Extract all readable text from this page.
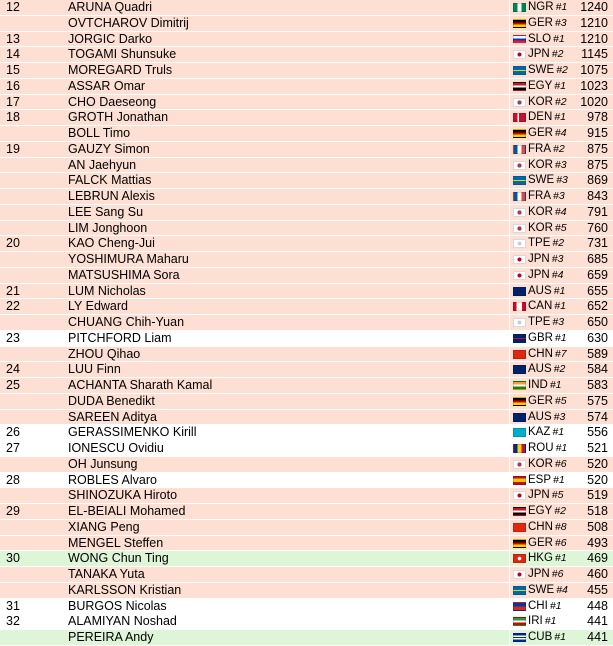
12	ARUNA Quadri	NGR #1 1240
OVTCHAROV Dimitrij	GER #3 1210
13	JORGIC Darko	SLO #1 1210
14	TOGAMI Shunsuke	JPN #2 1145
15	MOREGARD Truls	SWE #2 1075
16	ASSAR Omar	EGY #1 1023
17	CHO Daeseong	KOR #2 1020
18	GROTH Jonathan	DEN #1	978
BOLL Timo	GER #4	915
19	GAUZY Simon	FRA #2	875
AN Jaehyun	KOR #3	875
FALCK Mattias	SWE #3	869
LEBRUN Alexis	FRA #3	843
LEE Sang Su	KOR #4	791
LIM Jonghoon	KOR #5	760
20	KAO Cheng-Jui	TPE #2	731
YOSHIMURA Maharu	JPN #3	685
MATSUSHIMA Sora	JPN #4	659
21	LUM Nicholas	AUS #1	655
22	LY Edward	CAN #1	652
CHUANG Chih-Yuan	TPE #3	650
23	PITCHFORD Liam	GBR #1	630
ZHOU Qihao	CHN #7	589
24	LUU Finn	AUS #2	584
25	ACHANTA Sharath Kamal	IND #1	583
DUDA Benedikt	GER #5	575
SAREEN Aditya	AUS #3	574
26	GERASSIMENKO Kirill	KAZ #1	556
27	IONESCU Ovidiu	ROU #1	521
OH Junsung	KOR #6	520
28	ROBLES Alvaro	ESP #1	520
SHINOZUKA Hiroto	JPN #5	519
29	EL-BEIALI Mohamed	EGY #2	518
XIANG Peng	CHN #8	508
MENGEL Steffen	GER #6	493
30	WONG Chun Ting	HKG #1	469
TANAKA Yuta	JPN #6	460
KARLSSON Kristian	SWE #4	455
31	BURGOS Nicolas	CHI #1	448
32	ALAMIYAN Noshad	IRI #1	441
PEREIRA Andy	CUB #1	441
